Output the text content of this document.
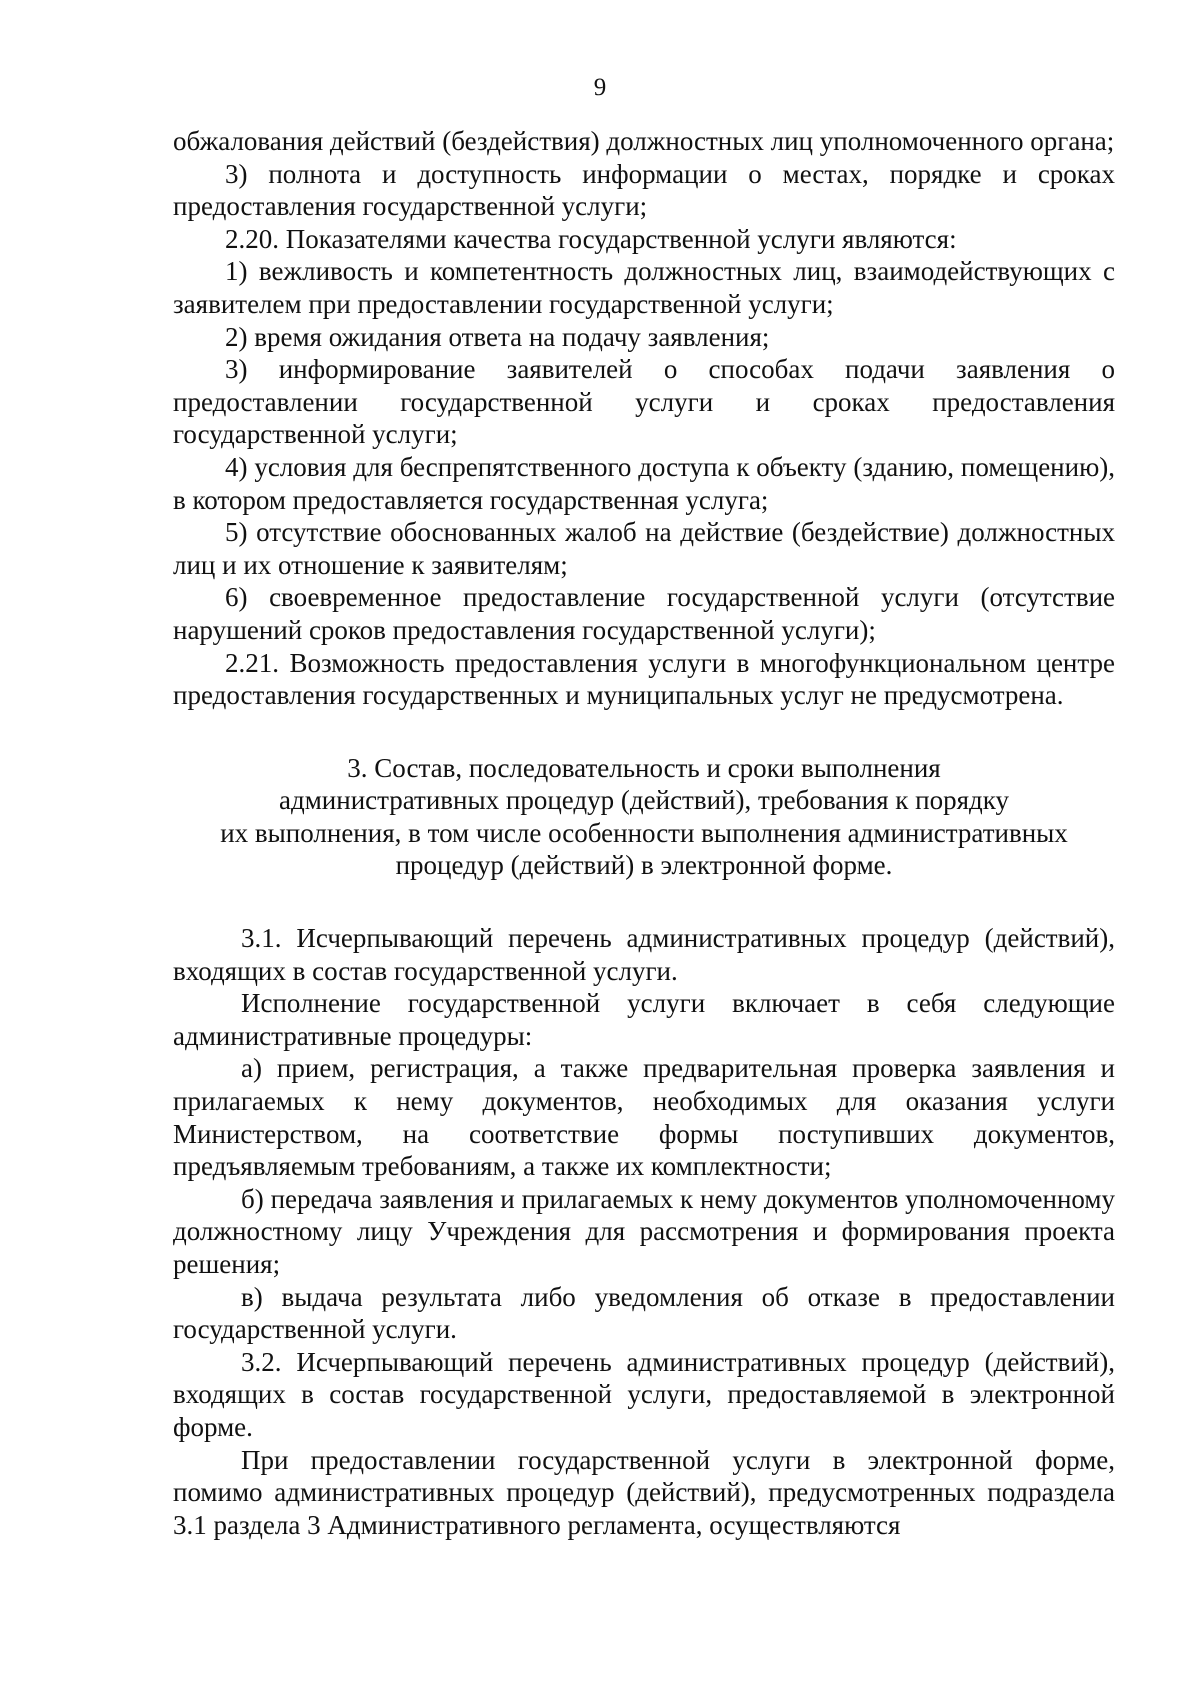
9

обжалования действий (бездействия) должностных лиц уполномоченного органа;

3) полнота и доступность информации о местах, порядке и сроках предоставления государственной услуги;

2.20. Показателями качества государственной услуги являются:

1) вежливость и компетентность должностных лиц, взаимодействующих с заявителем при предоставлении государственной услуги;

2) время ожидания ответа на подачу заявления;

3) информирование заявителей о способах подачи заявления о предоставлении государственной услуги и сроках предоставления государственной услуги;

4) условия для беспрепятственного доступа к объекту (зданию, помещению), в котором предоставляется государственная услуга;

5) отсутствие обоснованных жалоб на действие (бездействие) должностных лиц и их отношение к заявителям;

6) своевременное предоставление государственной услуги (отсутствие нарушений сроков предоставления государственной услуги);

2.21. Возможность предоставления услуги в многофункциональном центре предоставления государственных и муниципальных услуг не предусмотрена.

3. Состав, последовательность и сроки выполнения
административных процедур (действий), требования к порядку
их выполнения, в том числе особенности выполнения административных
процедур (действий) в электронной форме.

3.1. Исчерпывающий перечень административных процедур (действий), входящих в состав государственной услуги.

Исполнение государственной услуги включает в себя следующие административные процедуры:

а) прием, регистрация, а также предварительная проверка заявления и прилагаемых к нему документов, необходимых для оказания услуги Министерством, на соответствие формы поступивших документов, предъявляемым требованиям, а также их комплектности;

б) передача заявления и прилагаемых к нему документов уполномоченному должностному лицу Учреждения для рассмотрения и формирования проекта решения;

в) выдача результата либо уведомления об отказе в предоставлении государственной услуги.

3.2. Исчерпывающий перечень административных процедур (действий), входящих в состав государственной услуги, предоставляемой в электронной форме.

При предоставлении государственной услуги в электронной форме, помимо административных процедур (действий), предусмотренных подраздела 3.1 раздела 3 Административного регламента, осуществляются
